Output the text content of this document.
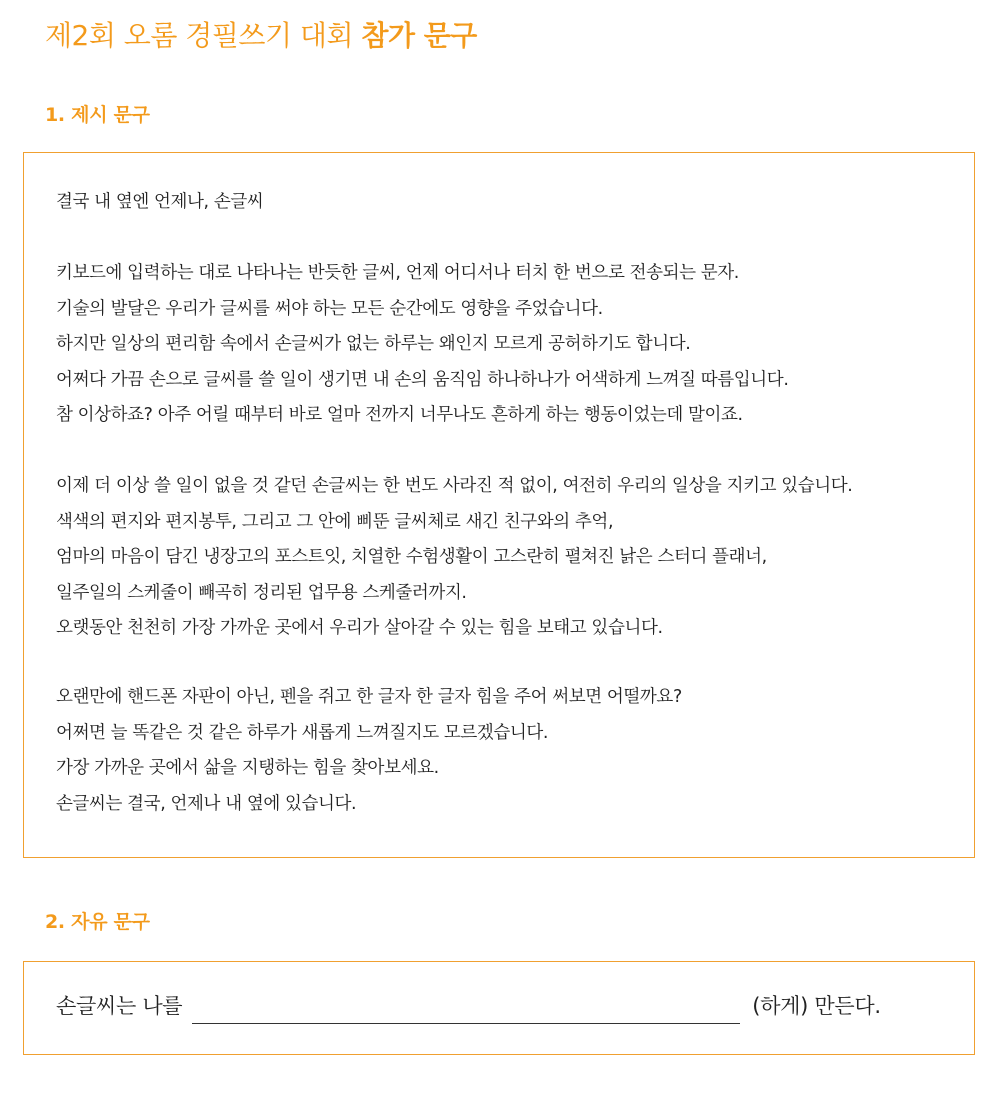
제2회 오롬 경필쓰기 대회 참가 문구
1. 제시 문구
결국 내 옆엔 언제나, 손글씨
키보드에 입력하는 대로 나타나는 반듯한 글씨, 언제 어디서나 터치 한 번으로 전송되는 문자.
기술의 발달은 우리가 글씨를 써야 하는 모든 순간에도 영향을 주었습니다.
하지만 일상의 편리함 속에서 손글씨가 없는 하루는 왜인지 모르게 공허하기도 합니다.
어쩌다 가끔 손으로 글씨를 쓸 일이 생기면 내 손의 움직임 하나하나가 어색하게 느껴질 따름입니다.
참 이상하죠? 아주 어릴 때부터 바로 얼마 전까지 너무나도 흔하게 하는 행동이었는데 말이죠.
이제 더 이상 쓸 일이 없을 것 같던 손글씨는 한 번도 사라진 적 없이, 여전히 우리의 일상을 지키고 있습니다.
색색의 편지와 편지봉투, 그리고 그 안에 삐뚠 글씨체로 새긴 친구와의 추억,
엄마의 마음이 담긴 냉장고의 포스트잇, 치열한 수험생활이 고스란히 펼쳐진 낡은 스터디 플래너,
일주일의 스케줄이 빼곡히 정리된 업무용 스케줄러까지.
오랫동안 천천히 가장 가까운 곳에서 우리가 살아갈 수 있는 힘을 보태고 있습니다.
오랜만에 핸드폰 자판이 아닌, 펜을 쥐고 한 글자 한 글자 힘을 주어 써보면 어떨까요?
어쩌면 늘 똑같은 것 같은 하루가 새롭게 느껴질지도 모르겠습니다.
가장 가까운 곳에서 삶을 지탱하는 힘을 찾아보세요.
손글씨는 결국, 언제나 내 옆에 있습니다.
2. 자유 문구
손글씨는 나를	(하게) 만든다.
